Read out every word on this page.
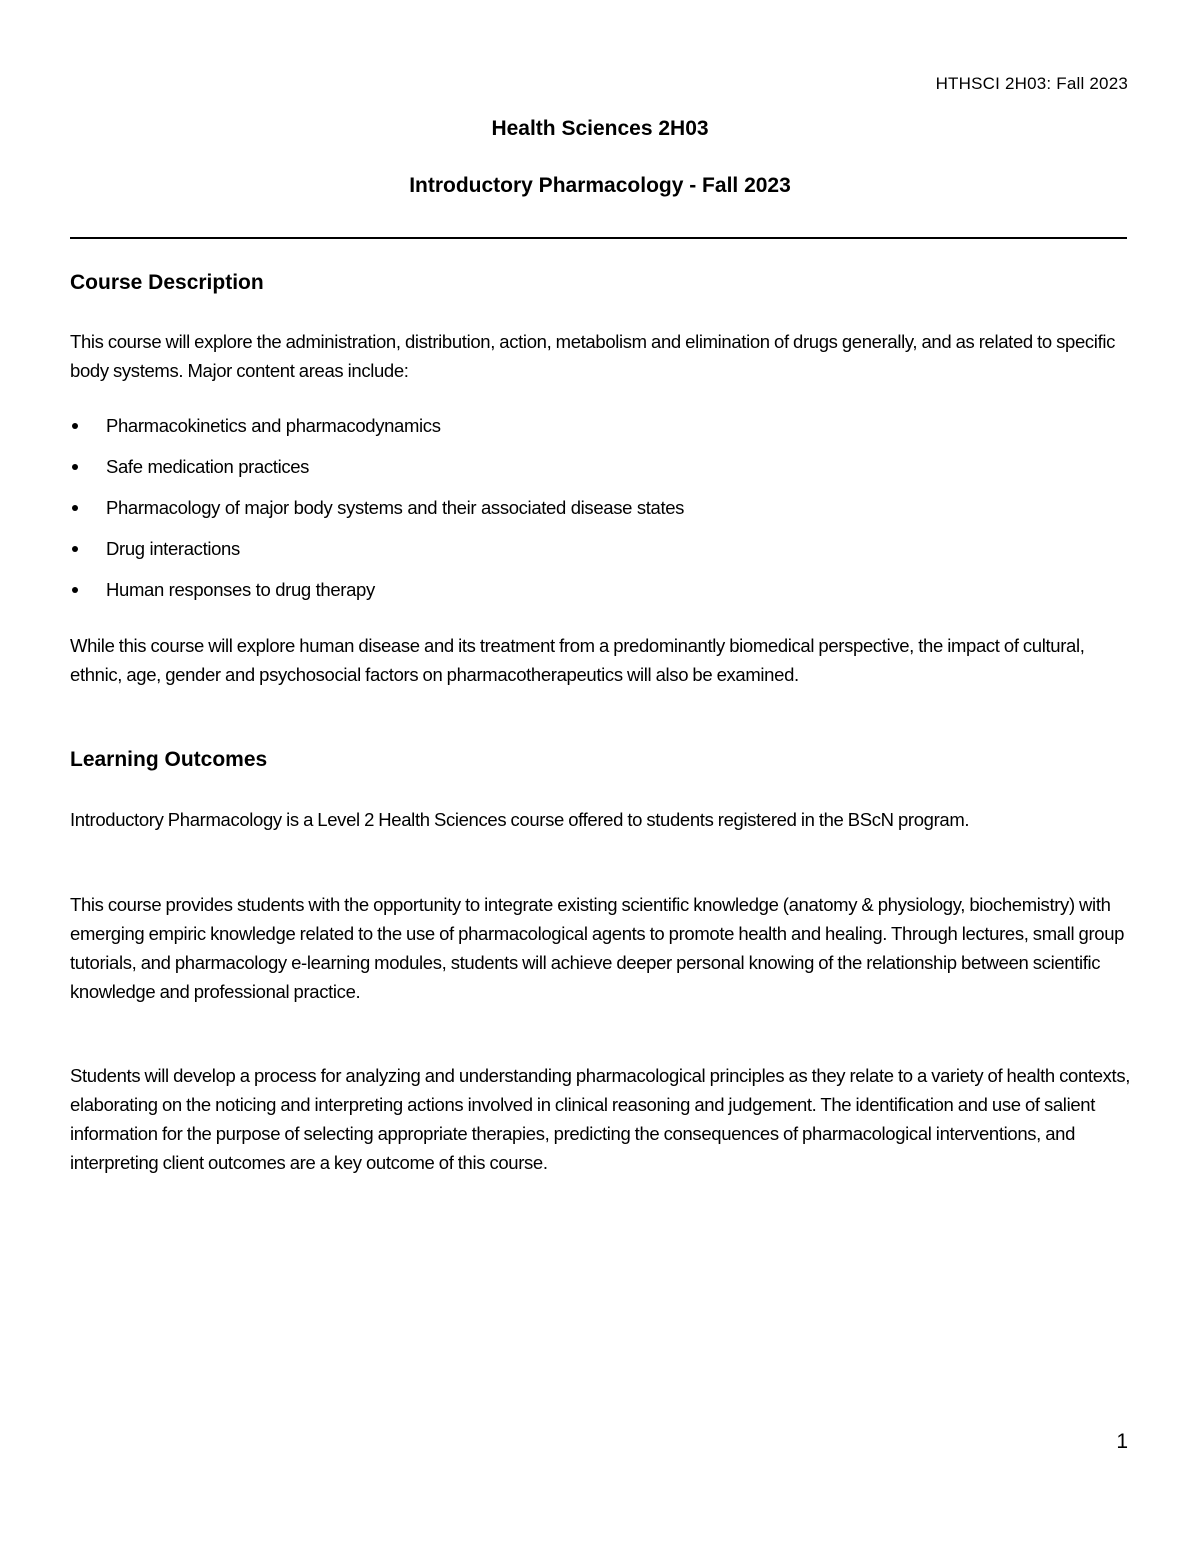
HTHSCI 2H03: Fall 2023
Health Sciences 2H03
Introductory Pharmacology - Fall 2023
Course Description
This course will explore the administration, distribution, action, metabolism and elimination of drugs generally, and as related to specific body systems. Major content areas include:
Pharmacokinetics and pharmacodynamics
Safe medication practices
Pharmacology of major body systems and their associated disease states
Drug interactions
Human responses to drug therapy
While this course will explore human disease and its treatment from a predominantly biomedical perspective, the impact of cultural, ethnic, age, gender and psychosocial factors on pharmacotherapeutics will also be examined.
Learning Outcomes
Introductory Pharmacology is a Level 2 Health Sciences course offered to students registered in the BScN program.
This course provides students with the opportunity to integrate existing scientific knowledge (anatomy & physiology, biochemistry) with emerging empiric knowledge related to the use of pharmacological agents to promote health and healing. Through lectures, small group tutorials, and pharmacology e-learning modules, students will achieve deeper personal knowing of the relationship between scientific knowledge and professional practice.
Students will develop a process for analyzing and understanding pharmacological principles as they relate to a variety of health contexts, elaborating on the noticing and interpreting actions involved in clinical reasoning and judgement. The identification and use of salient information for the purpose of selecting appropriate therapies, predicting the consequences of pharmacological interventions, and interpreting client outcomes are a key outcome of this course.
1
